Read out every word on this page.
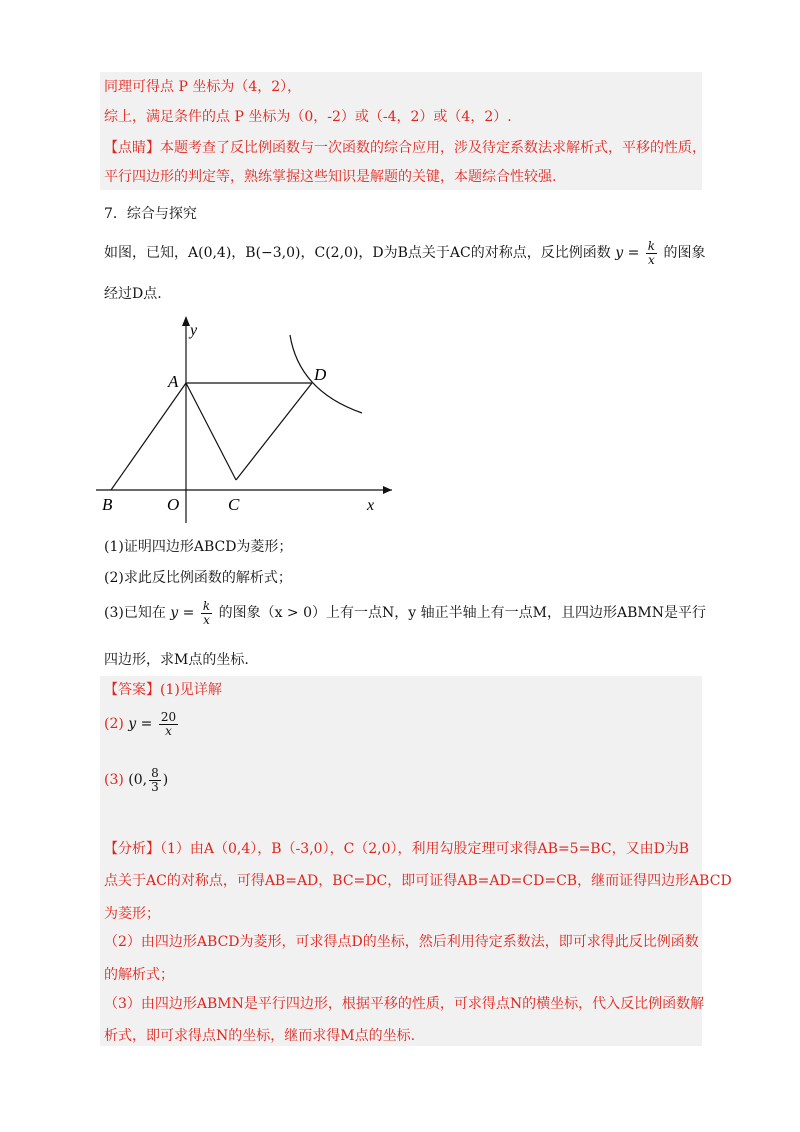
同理可得点 P 坐标为（4，2），
综上，满足条件的点 P 坐标为（0，-2）或（-4，2）或（4，2）.
【点睛】本题考查了反比例函数与一次函数的综合应用，涉及待定系数法求解析式，平移的性质，
平行四边形的判定等，熟练掌握这些知识是解题的关键，本题综合性较强.
7．综合与探究
如图，已知，A(0,4)，B(−3,0)，C(2,0)，D为B点关于AC的对称点，反比例函数 $y = \frac{k}{x}$ 的图象
经过D点.
y
A	D
B	O	C	x
(1)证明四边形ABCD为菱形；
(2)求此反比例函数的解析式；
(3)已知在 $y = \frac{k}{x}$ 的图象（x > 0）上有一点N，y 轴正半轴上有一点M，且四边形ABMN是平行
四边形，求M点的坐标.
【答案】(1)见详解
(2) $y = \frac{20}{x}$
(3) (0, $\frac{8}{3}$ )
【分析】（1）由A（0,4），B（-3,0），C（2,0），利用勾股定理可求得AB=5=BC，又由D为B
点关于AC的对称点，可得AB=AD，BC=DC，即可证得AB=AD=CD=CB，继而证得四边形ABCD
为菱形；
（2）由四边形ABCD为菱形，可求得点D的坐标，然后利用待定系数法，即可求得此反比例函数
的解析式；
（3）由四边形ABMN是平行四边形，根据平移的性质，可求得点N的横坐标，代入反比例函数解
析式，即可求得点N的坐标，继而求得M点的坐标.
